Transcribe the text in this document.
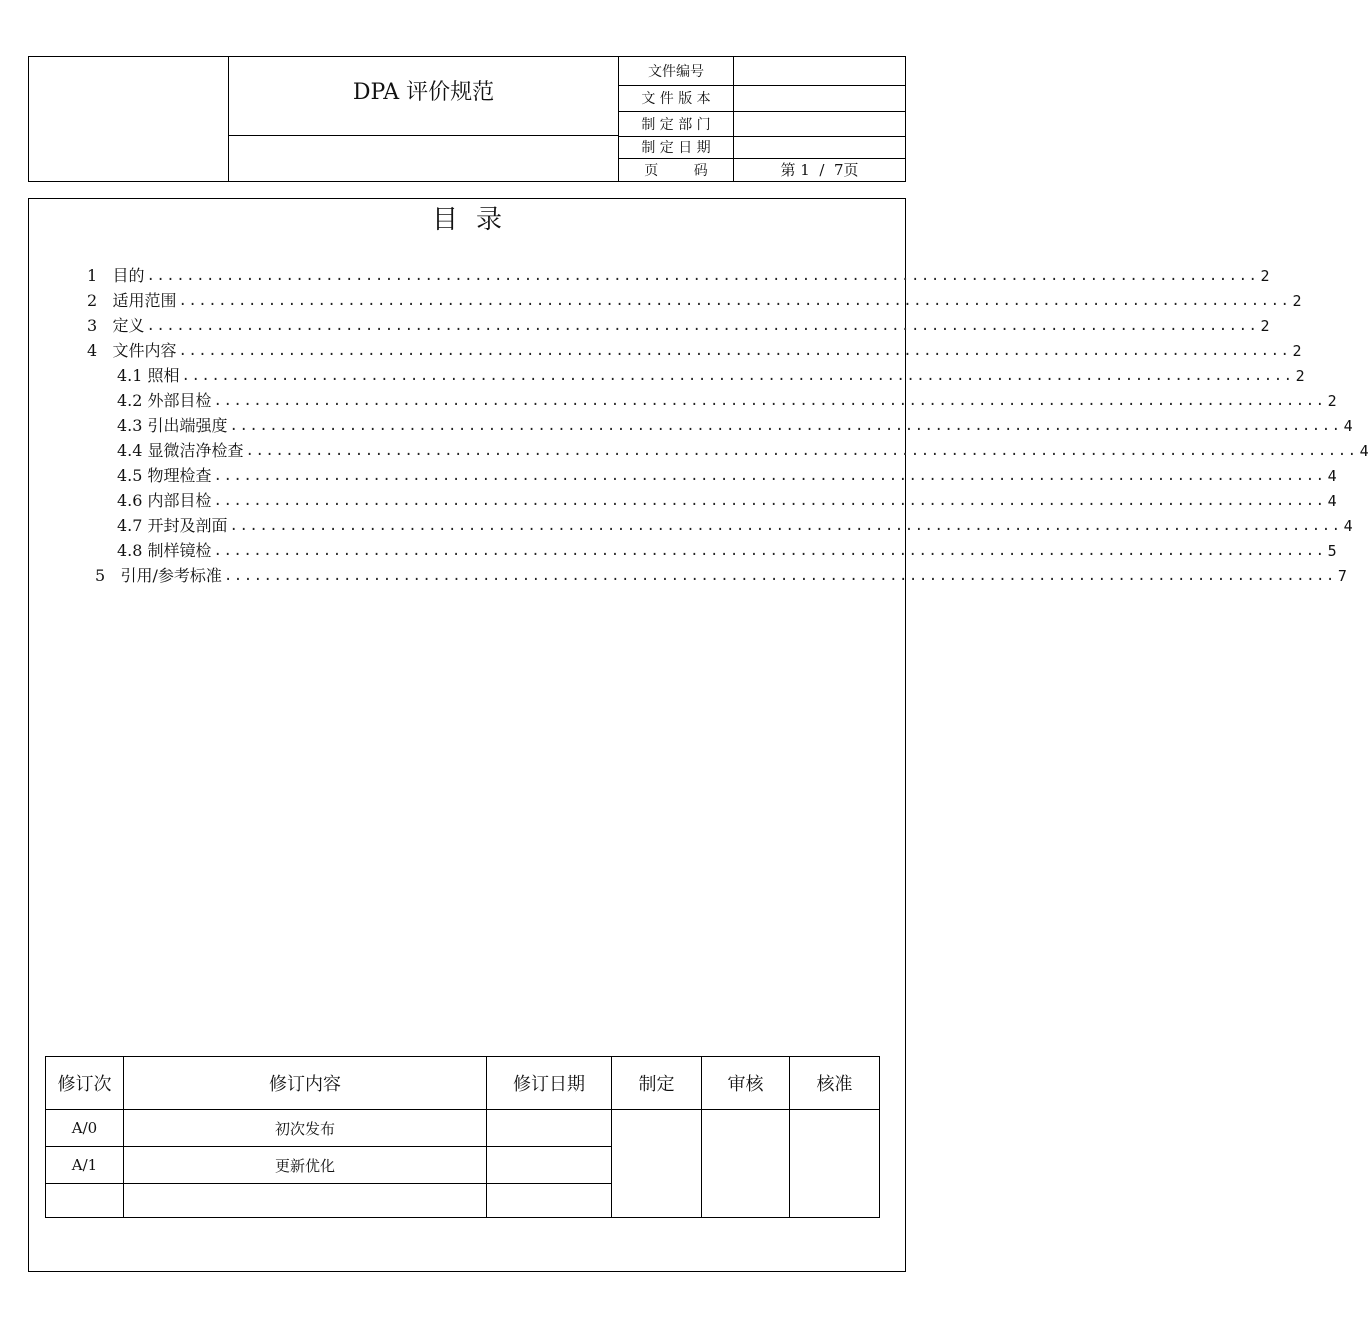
DPA 评价规范
文件编号
文 件 版 本
制 定 部 门
制 定 日 期
页        码	第 1  /  7页
目录
1 目的 ................................................................................................................ 2
2 适用范围 ................................................................................................................ 2
3 定义 ................................................................................................................ 2
4 文件内容 ................................................................................................................ 2
4.1 照相 ................................................................................................................ 2
4.2 外部目检 ................................................................................................................ 2
4.3 引出端强度 ................................................................................................................ 4
4.4 显微洁净检查 ................................................................................................................ 4
4.5 物理检查 ................................................................................................................ 4
4.6 内部目检 ................................................................................................................ 4
4.7 开封及剖面 ................................................................................................................ 4
4.8 制样镜检 ................................................................................................................ 5
5 引用/参考标准 ................................................................................................................ 7
修订次	修订内容	修订日期	制定	审核	核准
A/0	初次发布				
A/1	更新优化				
